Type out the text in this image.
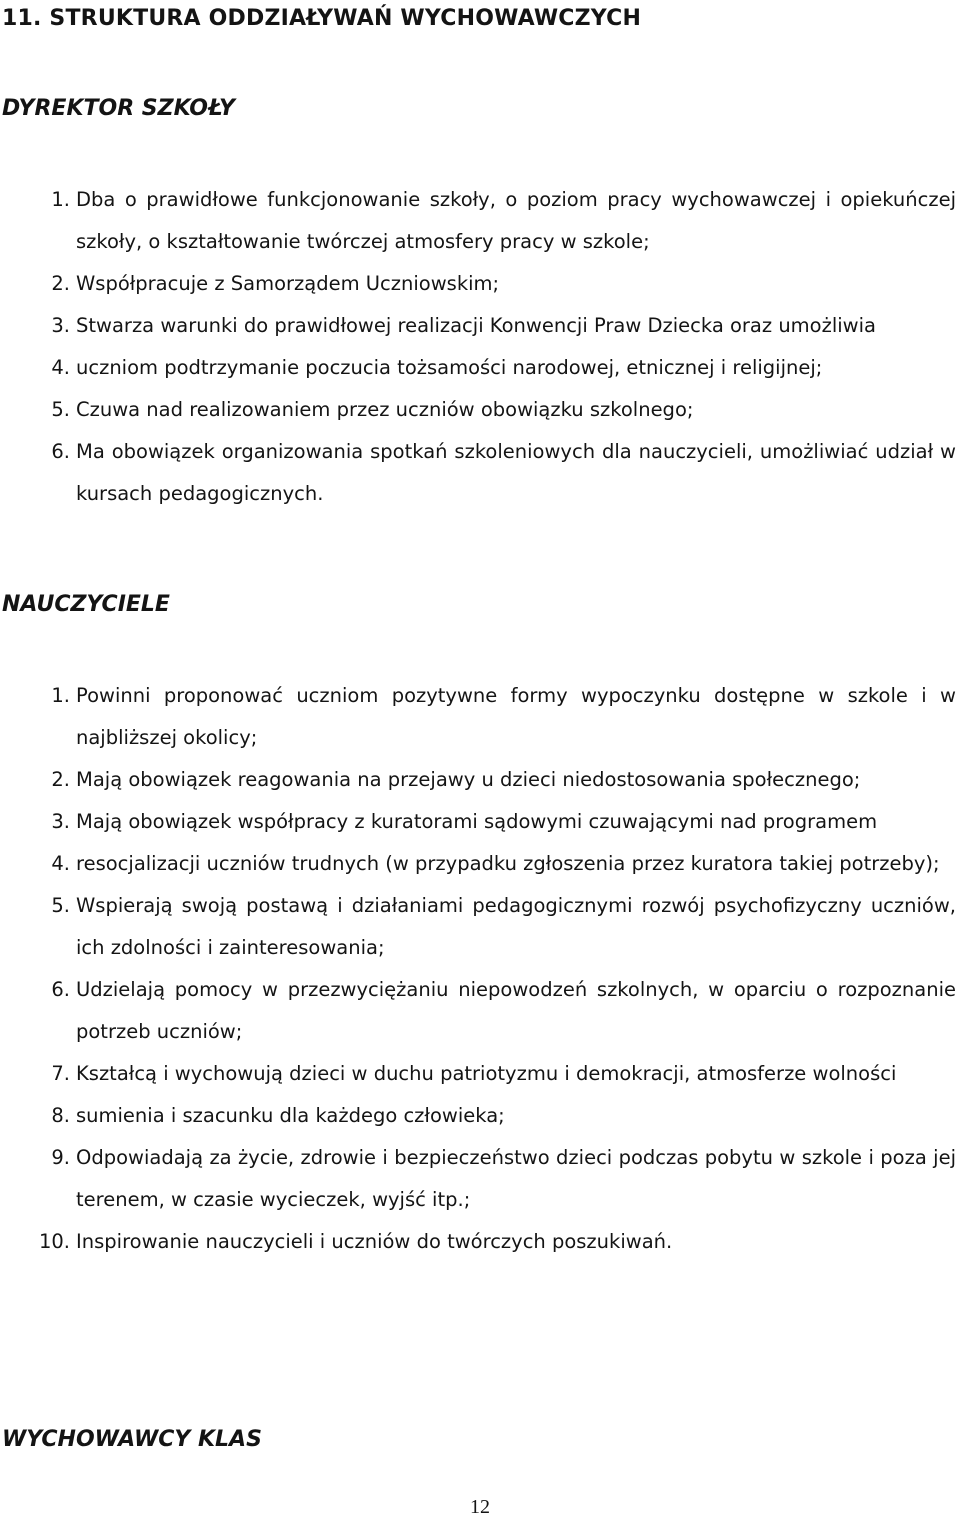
11. STRUKTURA ODDZIAŁYWAŃ WYCHOWAWCZYCH
DYREKTOR SZKOŁY
1. Dba o prawidłowe funkcjonowanie szkoły, o poziom pracy wychowawczej i opiekuńczej szkoły, o kształtowanie twórczej atmosfery pracy w szkole;
2. Współpracuje z Samorządem Uczniowskim;
3. Stwarza warunki do prawidłowej realizacji Konwencji Praw Dziecka oraz umożliwia
4. uczniom podtrzymanie poczucia tożsamości narodowej, etnicznej i religijnej;
5. Czuwa nad realizowaniem przez uczniów obowiązku szkolnego;
6. Ma obowiązek organizowania spotkań szkoleniowych dla nauczycieli, umożliwiać udział w kursach pedagogicznych.
NAUCZYCIELE
1. Powinni proponować uczniom pozytywne formy wypoczynku dostępne w szkole i w najbliższej okolicy;
2. Mają obowiązek reagowania na przejawy u dzieci niedostosowania społecznego;
3. Mają obowiązek współpracy z kuratorami sądowymi czuwającymi nad programem
4. resocjalizacji uczniów trudnych (w przypadku zgłoszenia przez kuratora takiej potrzeby);
5. Wspierają swoją postawą i działaniami pedagogicznymi rozwój psychofizyczny uczniów, ich zdolności i zainteresowania;
6. Udzielają pomocy w przezwyciężaniu niepowodzeń szkolnych, w oparciu o rozpoznanie potrzeb uczniów;
7. Kształcą i wychowują dzieci w duchu patriotyzmu i demokracji, atmosferze wolności
8. sumienia i szacunku dla każdego człowieka;
9. Odpowiadają za życie, zdrowie i bezpieczeństwo dzieci podczas pobytu w szkole i poza jej terenem, w czasie wycieczek, wyjść itp.;
10. Inspirowanie nauczycieli i uczniów do twórczych poszukiwań.
WYCHOWAWCY KLAS
12
